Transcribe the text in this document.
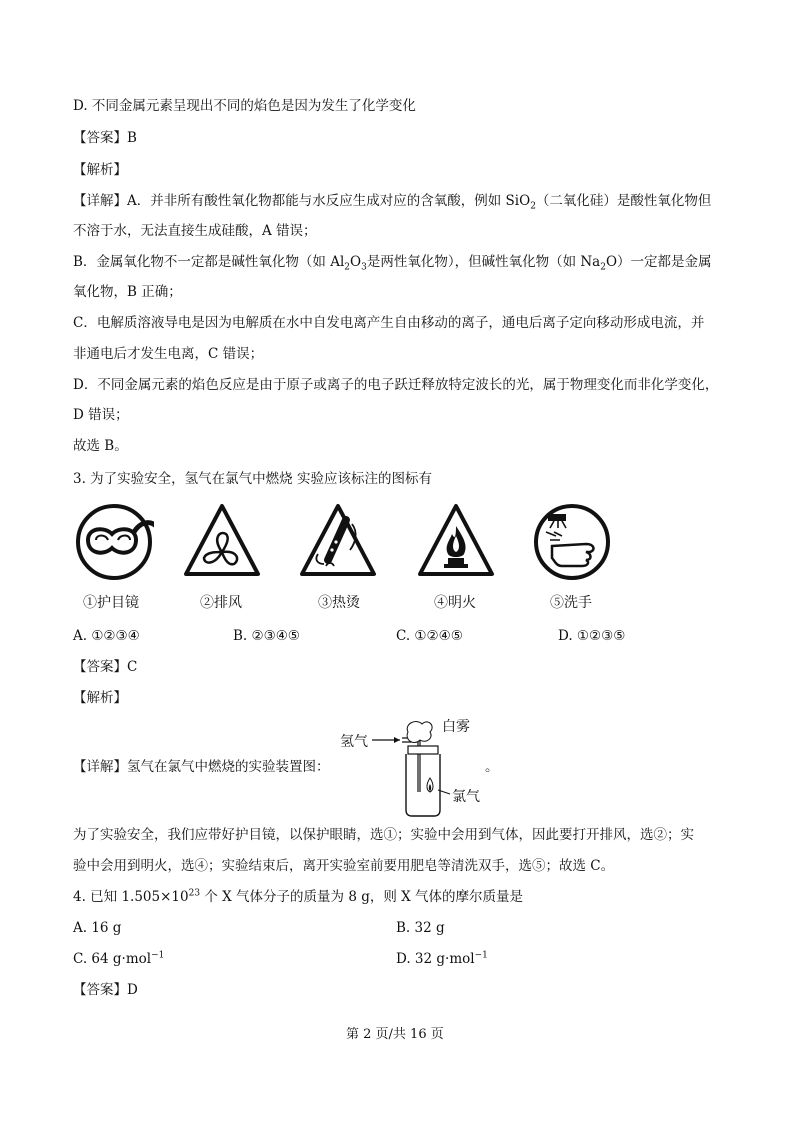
D. 不同金属元素呈现出不同的焰色是因为发生了化学变化
【答案】B
【解析】
【详解】A．并非所有酸性氧化物都能与水反应生成对应的含氧酸，例如 SiO$_2$（二氧化硅）是酸性氧化物但
不溶于水，无法直接生成硅酸，A 错误；
B．金属氧化物不一定都是碱性氧化物（如 $Al_2O_3$是两性氧化物），但碱性氧化物（如 $Na_2O$）一定都是金属
氧化物，B 正确；
C．电解质溶液导电是因为电解质在水中自发电离产生自由移动的离子，通电后离子定向移动形成电流，并
非通电后才发生电离，C 错误；
D．不同金属元素的焰色反应是由于原子或离子的电子跃迁释放特定波长的光，属于物理变化而非化学变化，
D 错误；
故选 B。
3. 为了实验安全，氢气在氯气中燃烧 实验应该标注的图标有
①护目镜	②排风	③热烫	④明火	⑤洗手
A. ①②③④	B. ②③④⑤	C. ①②④⑤	D. ①②③⑤
【答案】C
【解析】
【详解】氢气在氯气中燃烧的实验装置图：
氢气
白雾
氯气
。
为了实验安全，我们应带好护目镜，以保护眼睛，选①；实验中会用到气体，因此要打开排风，选②；实
验中会用到明火，选④；实验结束后，离开实验室前要用肥皂等清洗双手，选⑤；故选 C。
4. 已知 $1.505\times 10^{23}$ 个 X 气体分子的质量为 8 g，则 X 气体的摩尔质量是
A. 16 g	B. 32 g
C. 64 g·mol$^{-1}$	D. 32 g·mol$^{-1}$
【答案】D
第 2 页/共 16 页
